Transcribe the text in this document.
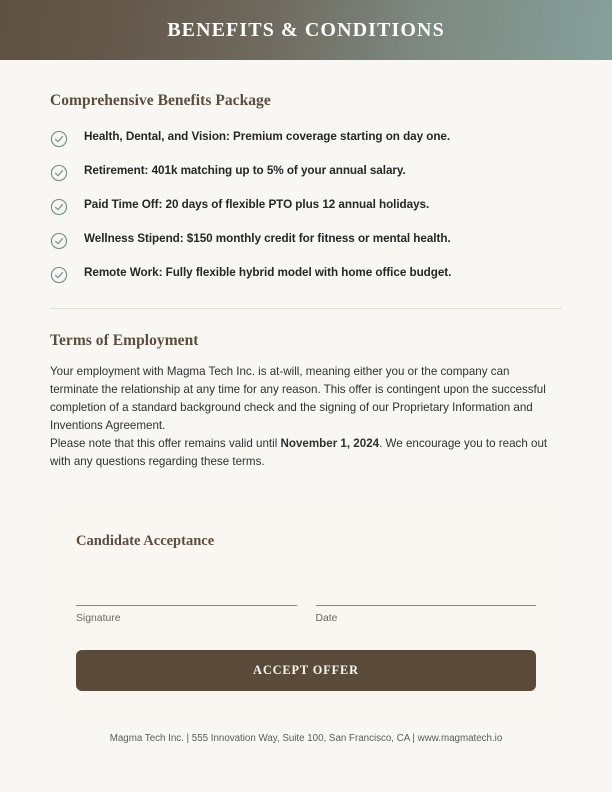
BENEFITS & CONDITIONS
Comprehensive Benefits Package
Health, Dental, and Vision: Premium coverage starting on day one.
Retirement: 401k matching up to 5% of your annual salary.
Paid Time Off: 20 days of flexible PTO plus 12 annual holidays.
Wellness Stipend: $150 monthly credit for fitness or mental health.
Remote Work: Fully flexible hybrid model with home office budget.
Terms of Employment

Your employment with Magma Tech Inc. is at-will, meaning either you or the company can terminate the relationship at any time for any reason. This offer is contingent upon the successful completion of a standard background check and the signing of our Proprietary Information and Inventions Agreement.

Please note that this offer remains valid until November 1, 2024. We encourage you to reach out with any questions regarding these terms.

Candidate Acceptance
Signature	Date
ACCEPT OFFER
Magma Tech Inc. | 555 Innovation Way, Suite 100, San Francisco, CA | www.magmatech.io
